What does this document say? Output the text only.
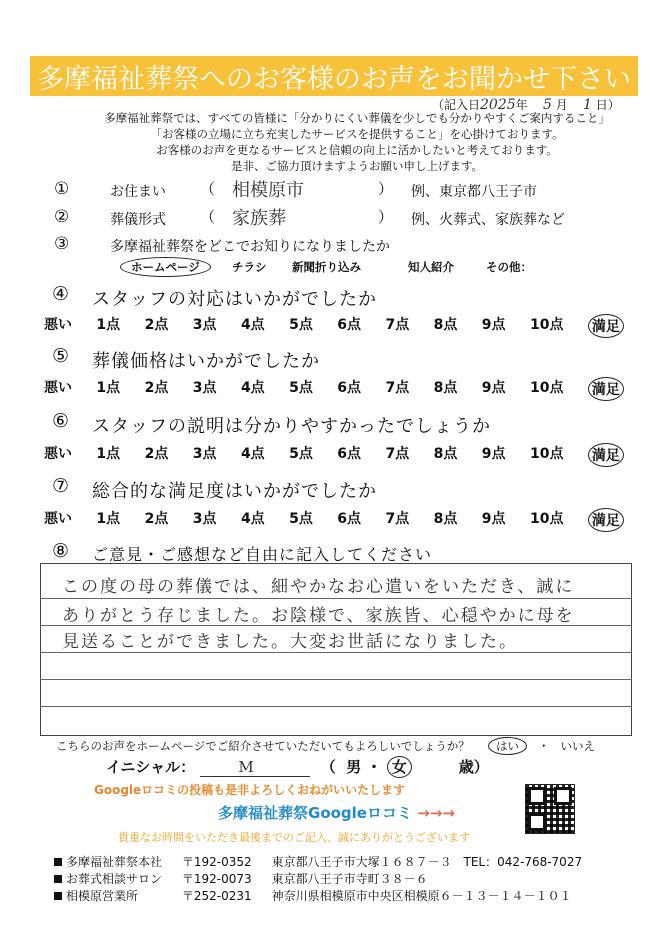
多摩福祉葬祭へのお客様のお声をお聞かせ下さい
（記入日2025年 5 月 1 日）
多摩福祉葬祭では、すべての皆様に「分かりにくい葬儀を少しでも分かりやすくご案内すること」
「お客様の立場に立ち充実したサービスを提供すること」を心掛けております。
お客様のお声を更なるサービスと信頼の向上に活かしたいと考えております。
是非、ご協力頂けますようお願い申し上げます。
①	お住まい （ 相模原市	） 例、東京都八王子市
②	葬儀形式 （ 家族葬	） 例、火葬式、家族葬など
③	多摩福祉葬祭をどこでお知りになりましたか
ホームページ	チラシ 新聞折り込み	知人紹介	その他：
④ スタッフの対応はいかがでしたか
悪い 1点 2点 3点 4点 5点 6点 7点 8点 9点 10点 満足
⑤ 葬儀価格はいかがでしたか
悪い 1点 2点 3点 4点 5点 6点 7点 8点 9点 10点 満足
⑥ スタッフの説明は分かりやすかったでしょうか
悪い 1点 2点 3点 4点 5点 6点 7点 8点 9点 10点 満足
⑦ 総合的な満足度はいかがでしたか
悪い 1点 2点 3点 4点 5点 6点 7点 8点 9点 10点 満足
⑧ ご意見・ご感想など自由に記入してください
この度の母の葬儀では、細やかなお心遣いをいただき、誠に
ありがとう存じました。お陰様で、家族皆、心穏やかに母を
見送ることができました。大変お世話になりました。
こちらのお声をホームページでご紹介させていただいてもよろしいでしょうか？ はい ・ いいえ
イニシャル：	M	（ 男 ・ 女	歳）
Googleロコミの投稿も是非よろしくおねがいいたします
多摩福祉葬祭Googleロコミ →→→
貴重なお時間をいただき最後までのご記入、誠にありがとうございます
多摩福祉葬祭本社 〒192-0352 東京都八王子市大塚１６８７－３ TEL：042-768-7027
お葬式相談サロン 〒192-0073 東京都八王子市寺町３８－６
相模原営業所	〒252-0231 神奈川県相模原市中央区相模原６－１３－１４－１０１
